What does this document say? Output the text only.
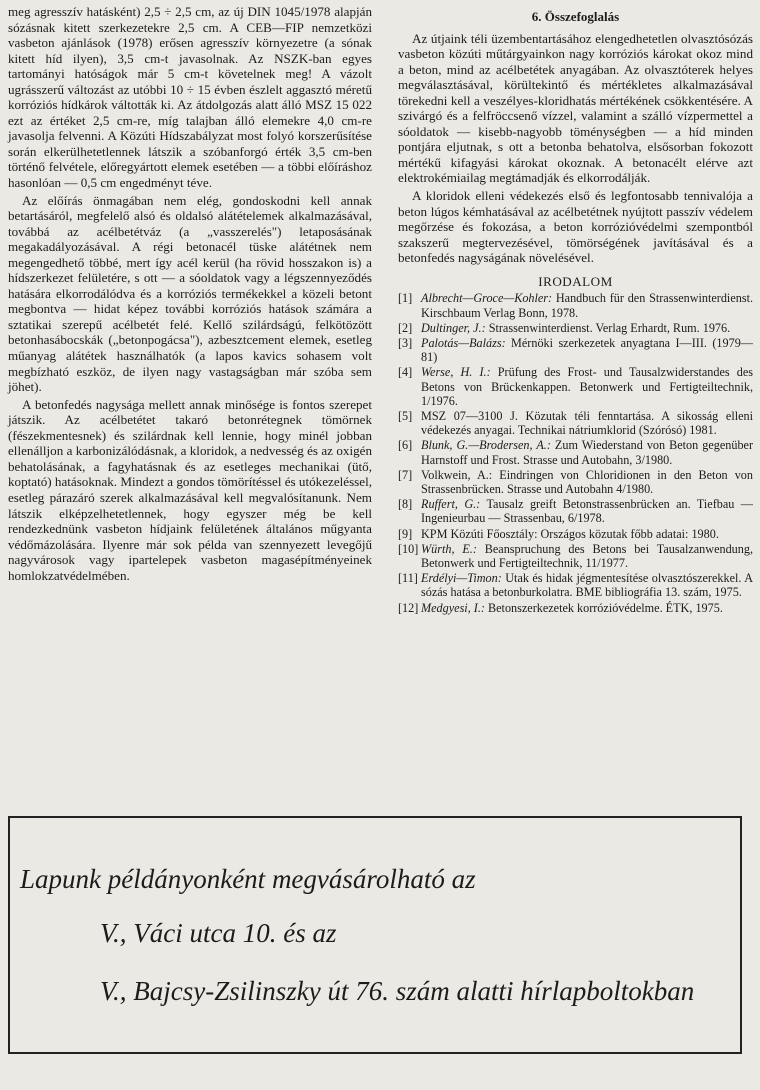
meg agresszív hatásként) 2,5 ÷ 2,5 cm, az új DIN 1045/1978 alapján sózásnak kitett szerkezetekre 2,5 cm. A CEB—FIP nemzetközi vasbeton ajánlások (1978) erősen agresszív környezetre (a sónak kitett híd ilyen), 3,5 cm-t javasolnak. Az NSZK-ban egyes tartományi hatóságok már 5 cm-t követelnek meg! A vázolt ugrásszerű változást az utóbbi 10 ÷ 15 évben észlelt aggasztó méretű korróziós hídkárok váltották ki. Az átdolgozás alatt álló MSZ 15 022 ezt az értéket 2,5 cm-re, míg talajban álló elemekre 4,0 cm-re javasolja felvenni. A Közúti Hídszabályzat most folyó korszerűsítése során elkerülhetetlennek látszik a szóbanforgó érték 3,5 cm-ben történő felvétele, előregyártott elemek esetében — a többi előíráshoz hasonlóan — 0,5 cm engedményt téve.

Az előírás önmagában nem elég, gondoskodni kell annak betartásáról, megfelelő alsó és oldalsó alátételemek alkalmazásával, továbbá az acélbetétváz (a „vasszerelés") letaposásának megakadályozásával. A régi betonacél tüske alátétnek nem megengedhető többé, mert így acél kerül (ha rövid hosszakon is) a hídszerkezet felületére, s ott — a sóoldatok vagy a légszennyeződés hatására elkorrodálódva és a korróziós termékekkel a közeli betont megbontva — hidat képez további korróziós hatások számára a sztatikai szerepű acélbetét felé. Kellő szilárdságú, felkötözött betonhasábocskák („betonpogácsa"), azbesztcement elemek, esetleg műanyag alátétek használhatók (a lapos kavics sohasem volt megbízható eszköz, de ilyen nagy vastagságban már szóba sem jöhet).

A betonfedés nagysága mellett annak minősége is fontos szerepet játszik. Az acélbetétet takaró betonrétegnek tömörnek (fészekmentesnek) és szilárdnak kell lennie, hogy minél jobban ellenálljon a karbonizálódásnak, a kloridok, a nedvesség és az oxigén behatolásának, a fagyhatásnak és az esetleges mechanikai (ütő, koptató) hatásoknak. Mindezt a gondos tömörítéssel és utókezeléssel, esetleg párazáró szerek alkalmazásával kell megvalósítanunk. Nem látszik elképzelhetetlennek, hogy egyszer még be kell rendezkednünk vasbeton hídjaink felületének általános műgyanta védőmázolására. Ilyenre már sok példa van szennyezett levegőjű nagyvárosok vagy ipartelepek vasbeton magasépítményeinek homlokzatvédelmében.

6. Összefoglalás

Az útjaink téli üzembentartásához elengedhetetlen olvasztósózás vasbeton közúti műtárgyainkon nagy korróziós károkat okoz mind a beton, mind az acélbetétek anyagában. Az olvasztóterek helyes megválasztásával, körültekintő és mértékletes alkalmazásával törekedni kell a veszélyes-kloridhatás mértékének csökkentésére. A szivárgó és a felfröccsenő vízzel, valamint a szálló vízpermettel a sóoldatok — kisebb-nagyobb töménységben — a híd minden pontjára eljutnak, s ott a betonba behatolva, elsősorban fokozott mértékű kifagyási károkat okoznak. A betonacélt elérve azt elektrokémiailag megtámadják és elkorrodálják.

A kloridok elleni védekezés első és legfontosabb tennivalója a beton lúgos kémhatásával az acélbetétnek nyújtott passzív védelem megőrzése és fokozása, a beton korrózióvédelmi szempontból szakszerű megtervezésével, tömörségének javításával és a betonfedés nagyságának növelésével.

IRODALOM
[1] Albrecht—Groce—Kohler: Handbuch für den Strassenwinterdienst. Kirschbaum Verlag Bonn, 1978.
[2] Dultinger, J.: Strassenwinterdienst. Verlag Erhardt, Rum. 1976.
[3] Palotás—Balázs: Mérnöki szerkezetek anyagtana I—III. (1979—81)
[4] Werse, H. I.: Prüfung des Frost- und Tausalzwiderstandes des Betons von Brückenkappen. Betonwerk und Fertigteiltechnik, 1/1976.
[5] MSZ 07—3100 J. Közutak téli fenntartása. A sikosság elleni védekezés anyagai. Technikai nátriumklorid (Szórósó) 1981.
[6] Blunk, G.—Brodersen, A.: Zum Wiederstand von Beton gegenüber Harnstoff und Frost. Strasse und Autobahn, 3/1980.
[7] Volkwein, A.: Eindringen von Chloridionen in den Beton von Strassenbrücken. Strasse und Autobahn 4/1980.
[8] Ruffert, G.: Tausalz greift Betonstrassenbrücken an. Tiefbau — Ingenieurbau — Strassenbau, 6/1978.
[9] KPM Közúti Főosztály: Országos közutak főbb adatai: 1980.
[10] Würth, E.: Beanspruchung des Betons bei Tausalzanwendung, Betonwerk und Fertigteiltechnik, 11/1977.
[11] Erdélyi—Timon: Utak és hidak jégmentesítése olvasztószerekkel. A sózás hatása a betonburkolatra. BME bibliográfia 13. szám, 1975.
[12] Medgyesi, I.: Betonszerkezetek korrózióvédelme. ÉTK, 1975.
Lapunk példányonként megvásárolható az
V., Váci utca 10. és az
V., Bajcsy-Zsilinszky út 76. szám alatti hírlapboltokban
